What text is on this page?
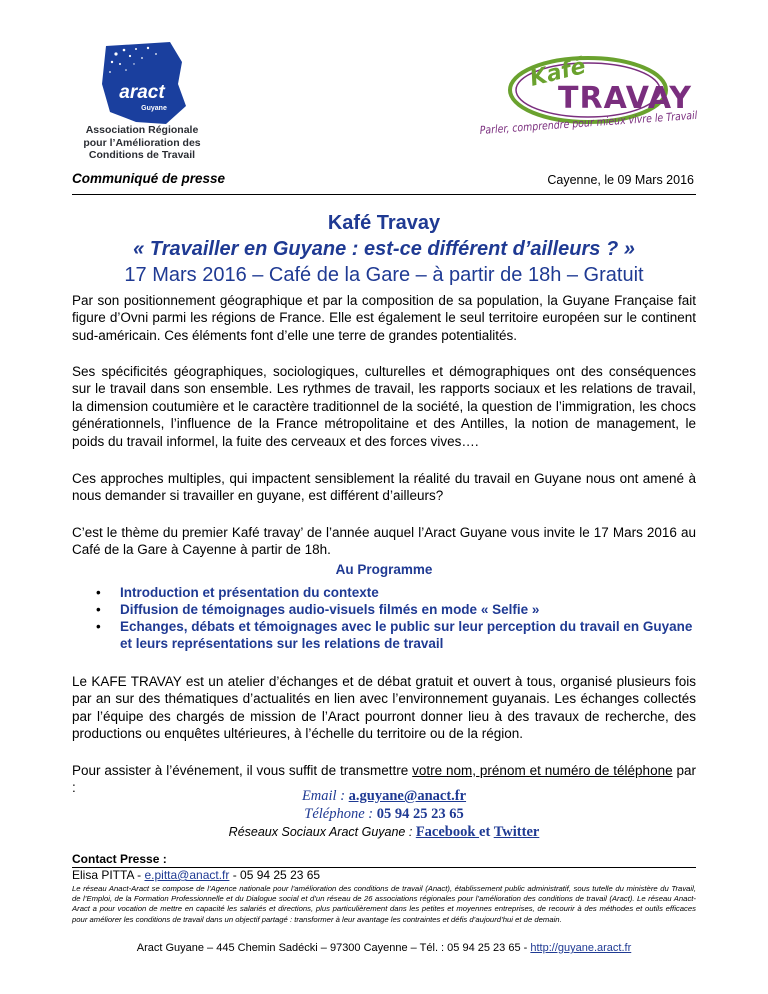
aract
Guyane
Association Régionale
pour l’Amélioration des
Conditions de Travail
Kafé
TRAVAY
Parler, comprendre pour mieux vivre le Travail
Communiqué de presse	Cayenne, le 09 Mars 2016
Kafé Travay
« Travailler en Guyane : est-ce différent d’ailleurs ? »
17 Mars 2016 – Café de la Gare – à partir de 18h – Gratuit

Par son positionnement géographique et par la composition de sa population, la Guyane Française fait figure d’Ovni parmi les régions de France. Elle est également le seul territoire européen sur le continent sud-américain. Ces éléments font d’elle une terre de grandes potentialités.

Ses spécificités géographiques, sociologiques, culturelles et démographiques ont des conséquences sur le travail dans son ensemble. Les rythmes de travail, les rapports sociaux et les relations de travail, la dimension coutumière et le caractère traditionnel de la société, la question de l’immigration, les chocs générationnels, l’influence de la France métropolitaine et des Antilles, la notion de management, le poids du travail informel, la fuite des cerveaux et des forces vives….

Ces approches multiples, qui impactent sensiblement la réalité du travail en Guyane nous ont amené à nous demander si travailler en guyane, est différent d’ailleurs?

C’est le thème du premier Kafé travay’ de l’année auquel l’Aract Guyane vous invite le 17 Mars 2016 au Café de la Gare à Cayenne à partir de 18h.

Au Programme
• Introduction et présentation du contexte
• Diffusion de témoignages audio-visuels filmés en mode « Selfie »
• Echanges, débats et témoignages avec le public sur leur perception du travail en Guyane et leurs représentations sur les relations de travail

Le KAFE TRAVAY est un atelier d’échanges et de débat gratuit et ouvert à tous, organisé plusieurs fois par an sur des thématiques d’actualités en lien avec l’environnement guyanais. Les échanges collectés par l’équipe des chargés de mission de l’Aract pourront donner lieu à des travaux de recherche, des productions ou enquêtes ultérieures, à l’échelle du territoire ou de la région.

Pour assister à l’événement, il vous suffit de transmettre votre nom, prénom et numéro de téléphone par :

Email : a.guyane@anact.fr
Téléphone : 05 94 25 23 65
Réseaux Sociaux Aract Guyane : Facebook et Twitter
Contact Presse :
Elisa PITTA - e.pitta@anact.fr - 05 94 25 23 65

Le réseau Anact-Aract se compose de l’Agence nationale pour l’amélioration des conditions de travail (Anact), établissement public administratif, sous tutelle du ministère du Travail, de l’Emploi, de la Formation Professionnelle et du Dialogue social et d’un réseau de 26 associations régionales pour l’amélioration des conditions de travail (Aract). Le réseau Anact-Aract a pour vocation de mettre en capacité les salariés et directions, plus particulièrement dans les petites et moyennes entreprises, de recourir à des méthodes et outils efficaces pour améliorer les conditions de travail dans un objectif partagé : transformer à leur avantage les contraintes et défis d’aujourd’hui et de demain.

Aract Guyane – 445 Chemin Sadécki – 97300 Cayenne – Tél. : 05 94 25 23 65 - http://guyane.aract.fr
